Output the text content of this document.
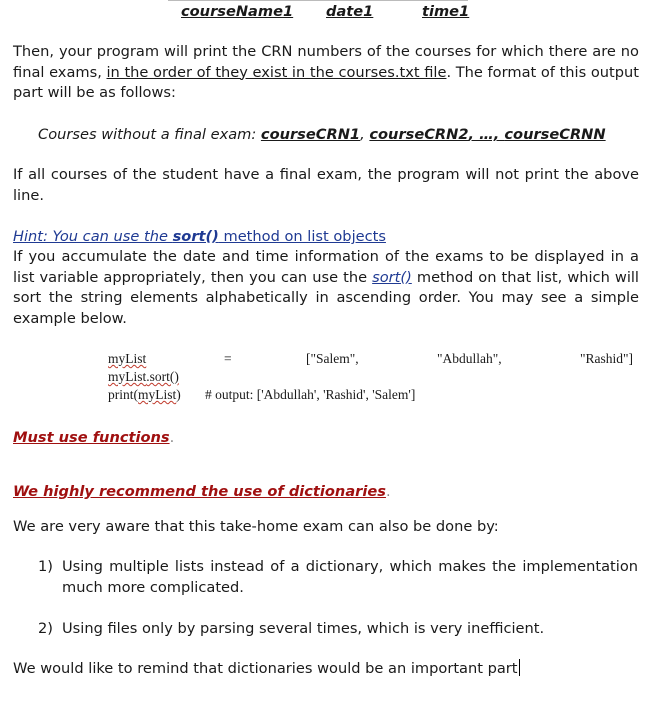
courseName1 date1	time1
Then, your program will print the CRN numbers of the courses for which there are no final exams, in the order of they exist in the courses.txt file. The format of this output part will be as follows:
Courses without a final exam: courseCRN1, courseCRN2, …, courseCRNN
If all courses of the student have a final exam, the program will not print the above line.
Hint: You can use the sort() method on list objects
If you accumulate the date and time information of the exams to be displayed in a list variable appropriately, then you can use the sort() method on that list, which will sort the string elements alphabetically in ascending order. You may see a simple example below.
myList	=	["Salem",	"Abdullah",	"Rashid"]
myList.sort()
print(myList) # output: ['Abdullah', 'Rashid', 'Salem']
Must use functions.
We highly recommend the use of dictionaries.
We are very aware that this take-home exam can also be done by:
1) Using multiple lists instead of a dictionary, which makes the implementation much more complicated.
2) Using files only by parsing several times, which is very inefficient.
We would like to remind that dictionaries would be an important part
